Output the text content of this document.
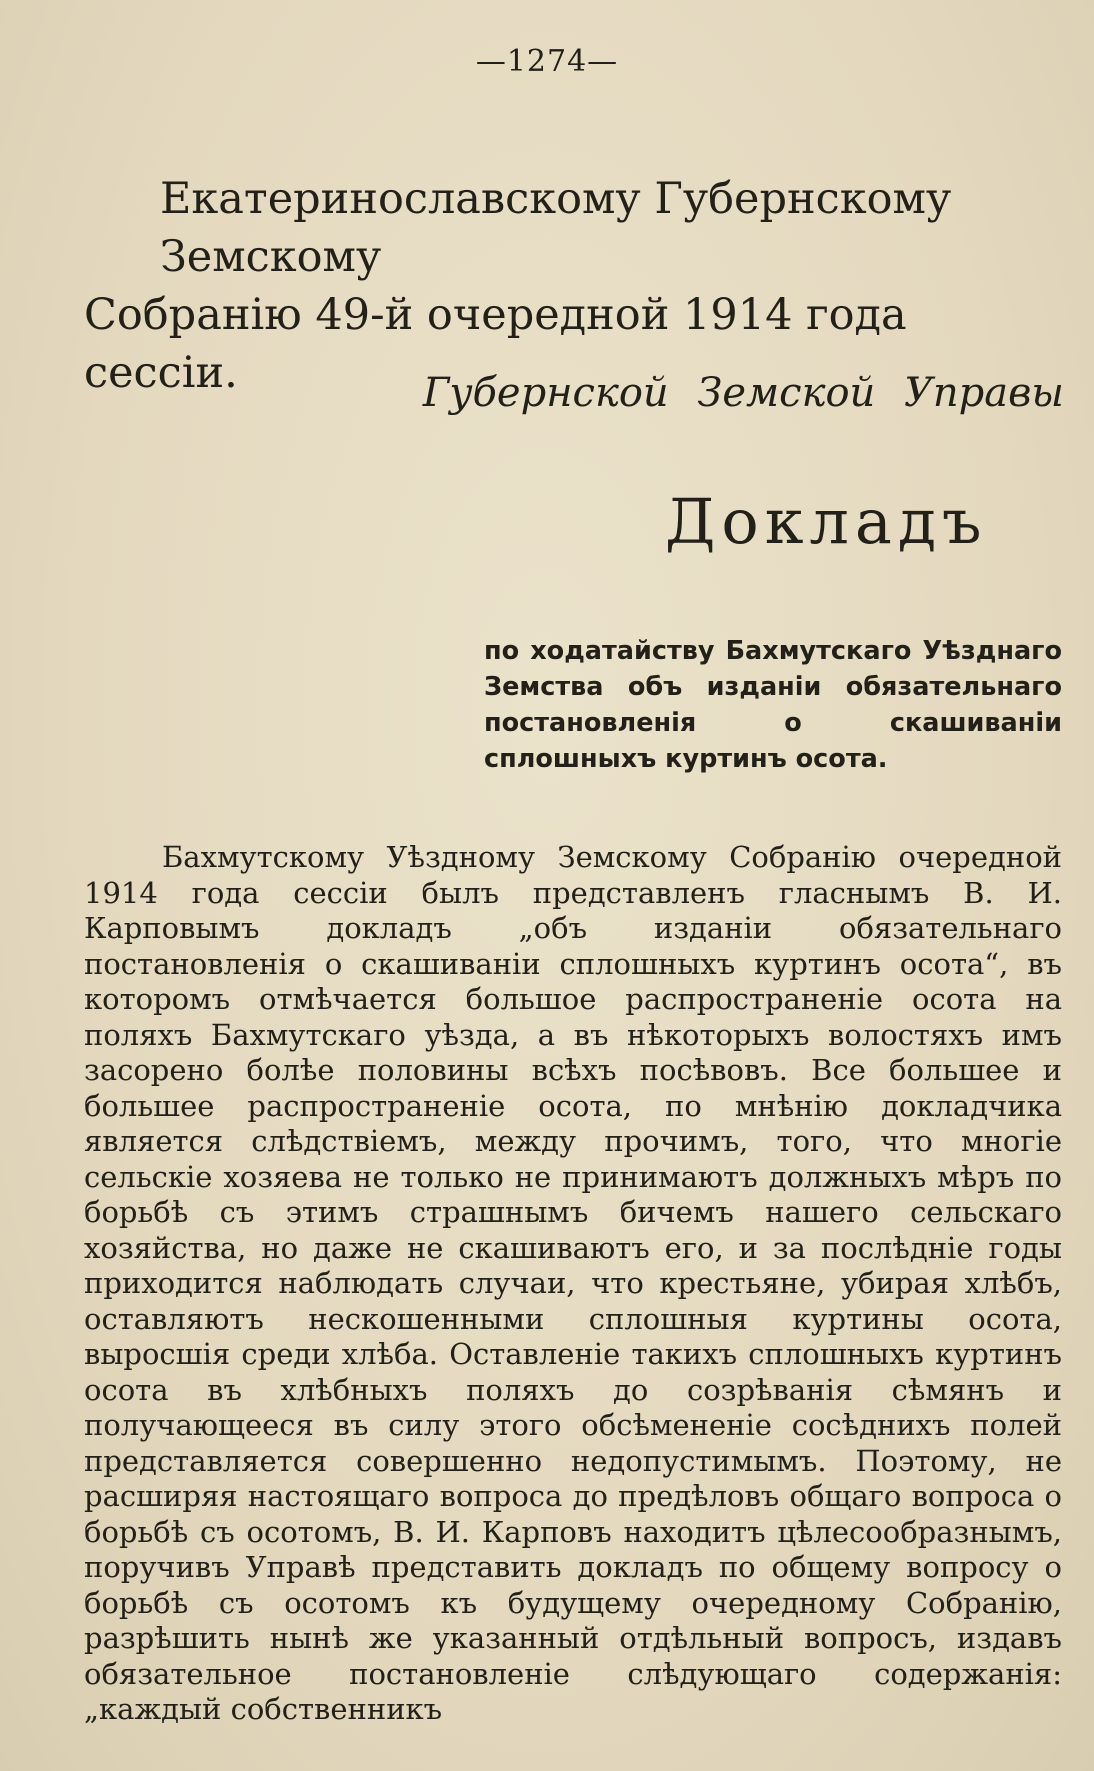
—1274—
Екатеринославскому Губернскому Земскому
Собранію 49-й очередной 1914 года сессіи.	Губернской Земской Управы
Докладъ
по ходатайству Бахмутскаго Уѣзднаго Земства объ изданіи обязательнаго постановленія о скашиваніи сплошныхъ куртинъ осота.

Бахмутскому Уѣздному Земскому Собранію очередной 1914 года сессіи былъ представленъ гласнымъ В. И. Карповымъ докладъ „объ изданіи обязательнаго постановленія о скашиваніи сплошныхъ куртинъ осота“, въ которомъ отмѣчается большое распространеніе осота на поляхъ Бахмутскаго уѣзда, а въ нѣкоторыхъ волостяхъ имъ засорено болѣе половины всѣхъ посѣвовъ. Все большее и большее распространеніе осота, по мнѣнію докладчика является слѣдствіемъ, между прочимъ, того, что многіе сельскіе хозяева не только не принимаютъ должныхъ мѣръ по борьбѣ съ этимъ страшнымъ бичемъ нашего сельскаго хозяйства, но даже не скашиваютъ его, и за послѣдніе годы приходится наблюдать случаи, что крестьяне, убирая хлѣбъ, оставляютъ нескошенными сплошныя куртины осота, выросшія среди хлѣба. Оставленіе такихъ сплошныхъ куртинъ осота въ хлѣбныхъ поляхъ до созрѣванія сѣмянъ и получающееся въ силу этого обсѣмененіе сосѣднихъ полей представляется совершенно недопустимымъ. Поэтому, не расширяя настоящаго вопроса до предѣловъ общаго вопроса о борьбѣ съ осотомъ, В. И. Карповъ находитъ цѣлесообразнымъ, поручивъ Управѣ представить докладъ по общему вопросу о борьбѣ съ осотомъ къ будущему очередному Собранію, разрѣшить нынѣ же указанный отдѣльный вопросъ, издавъ обязательное постановленіе слѣдующаго содержанія: „каждый собственникъ
